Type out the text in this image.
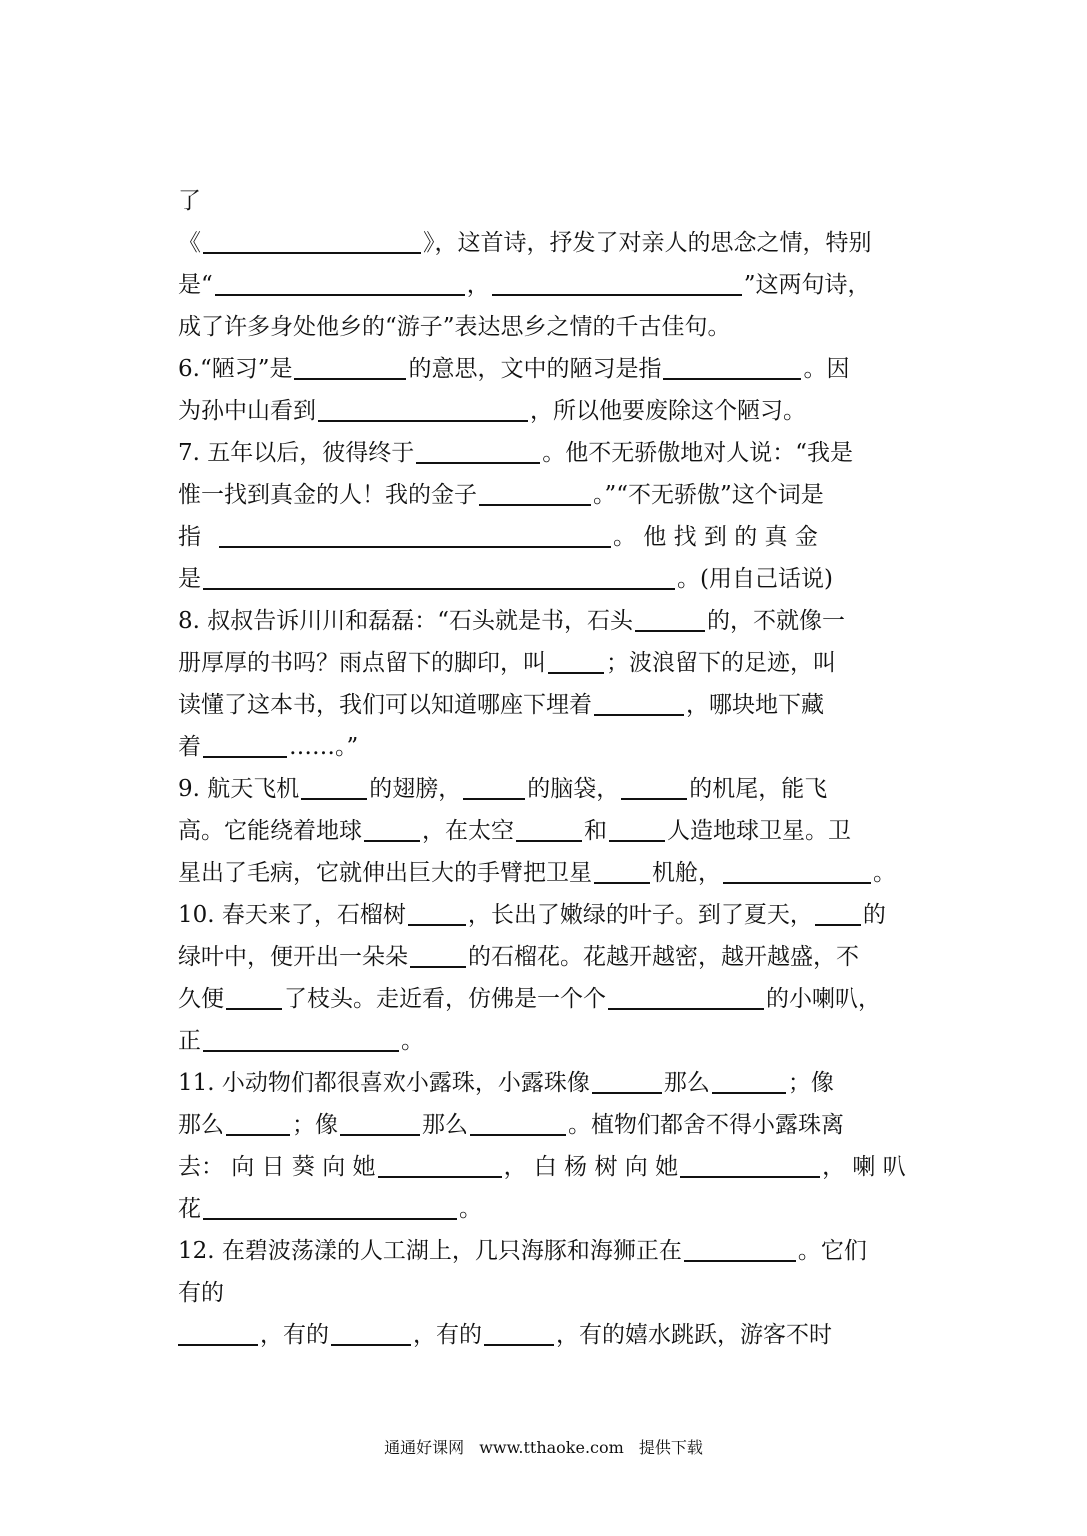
了
《	》，这首诗，抒发了对亲人的思念之情，特别
是“	，	”这两句诗，
成了许多身处他乡的“游子”表达思乡之情的千古佳句。
6.“陋习”是	的意思，文中的陋习是指	。因
为孙中山看到	，所以他要废除这个陋习。
7. 五年以后，彼得终于	。他不无骄傲地对人说：“我是
惟一找到真金的人！我的金子	。”“不无骄傲”这个词是
指	。 他 找 到 的 真 金
是	。(用自己话说)
8. 叔叔告诉川川和磊磊：“石头就是书，石头	的，不就像一
册厚厚的书吗？雨点留下的脚印，叫	；波浪留下的足迹，叫
读懂了这本书，我们可以知道哪座下埋着	，哪块地下藏
着	……。”
9. 航天飞机	的翅膀，	的脑袋，	的机尾，能飞
高。它能绕着地球	，在太空	和	人造地球卫星。卫
星出了毛病，它就伸出巨大的手臂把卫星	机舱，	。
10. 春天来了，石榴树	，长出了嫩绿的叶子。到了夏天， 的
绿叶中，便开出一朵朵	的石榴花。花越开越密，越开越盛，不
久便	了枝头。走近看，仿佛是一个个	的小喇叭，
正	。
11. 小动物们都很喜欢小露珠，小露珠像	那么	；像
那么	；像	那么	。植物们都舍不得小露珠离
去： 向 日 葵 向 她	， 白 杨 树 向 她	， 喇 叭
花	。
12. 在碧波荡漾的人工湖上，几只海豚和海狮正在	。它们
有的
，有的	，有的	，有的嬉水跳跃，游客不时
通通好课网 www.tthaoke.com 提供下载
